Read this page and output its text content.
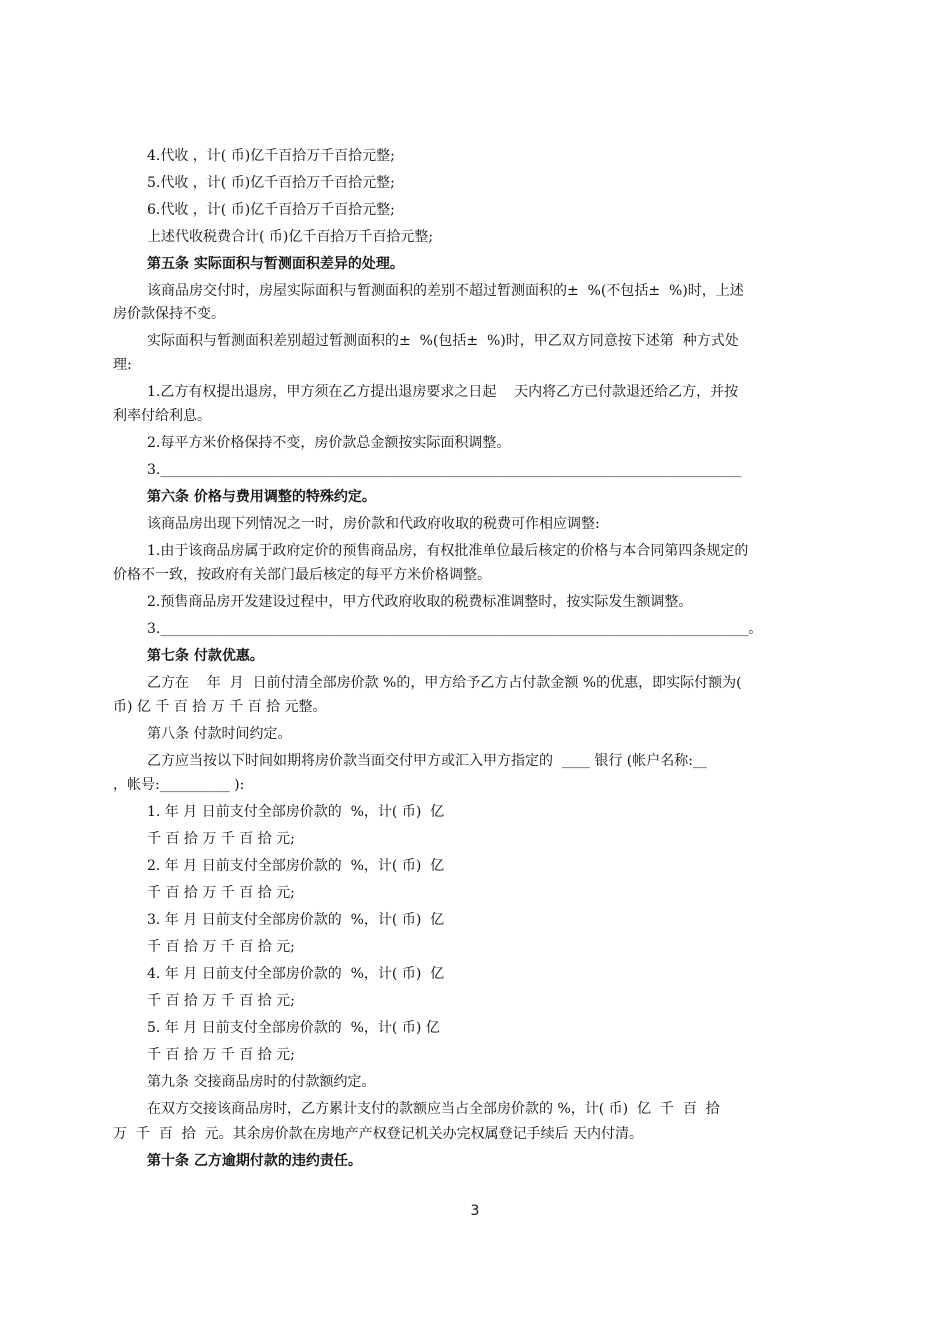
4.代收 ，计( 币)亿千百拾万千百拾元整;
5.代收 ，计( 币)亿千百拾万千百拾元整;
6.代收 ，计( 币)亿千百拾万千百拾元整;
上述代收税费合计( 币)亿千百拾万千百拾元整;
第五条 实际面积与暂测面积差异的处理。
该商品房交付时，房屋实际面积与暂测面积的差别不超过暂测面积的±  %(不包括±  %)时，上述
房价款保持不变。
实际面积与暂测面积差别超过暂测面积的±  %(包括±  %)时，甲乙双方同意按下述第  种方式处
理:
1.乙方有权提出退房，甲方须在乙方提出退房要求之日起    天内将乙方已付款退还给乙方，并按
利率付给利息。
2.每平方米价格保持不变，房价款总金额按实际面积调整。
3.___________________________________________________________________________________
第六条 价格与费用调整的特殊约定。
该商品房出现下列情况之一时，房价款和代政府收取的税费可作相应调整:
1.由于该商品房属于政府定价的预售商品房，有权批准单位最后核定的价格与本合同第四条规定的
价格不一致，按政府有关部门最后核定的每平方米价格调整。
2.预售商品房开发建设过程中，甲方代政府收取的税费标准调整时，按实际发生额调整。
3.____________________________________________________________________________________。
第七条 付款优惠。
乙方在    年  月  日前付清全部房价款 %的，甲方给予乙方占付款金额 %的优惠，即实际付额为(
币) 亿 千 百 拾 万 千 百 拾 元整。
第八条 付款时间约定。
乙方应当按以下时间如期将房价款当面交付甲方或汇入甲方指定的  ____ 银行 (帐户名称:__
，帐号:__________ ):
1. 年 月 日前支付全部房价款的  %，计( 币)  亿
千 百 拾 万 千 百 拾 元;
2. 年 月 日前支付全部房价款的  %，计( 币)  亿
千 百 拾 万 千 百 拾 元;
3. 年 月 日前支付全部房价款的  %，计( 币)  亿
千 百 拾 万 千 百 拾 元;
4. 年 月 日前支付全部房价款的  %，计( 币)  亿
千 百 拾 万 千 百 拾 元;
5. 年 月 日前支付全部房价款的  %，计( 币) 亿
千 百 拾 万 千 百 拾 元;
第九条 交接商品房时的付款额约定。
在双方交接该商品房时，乙方累计支付的款额应当占全部房价款的 %，计( 币)  亿  千  百  拾
万  千  百  拾  元。其余房价款在房地产产权登记机关办完权属登记手续后 天内付清。
第十条 乙方逾期付款的违约责任。
3
